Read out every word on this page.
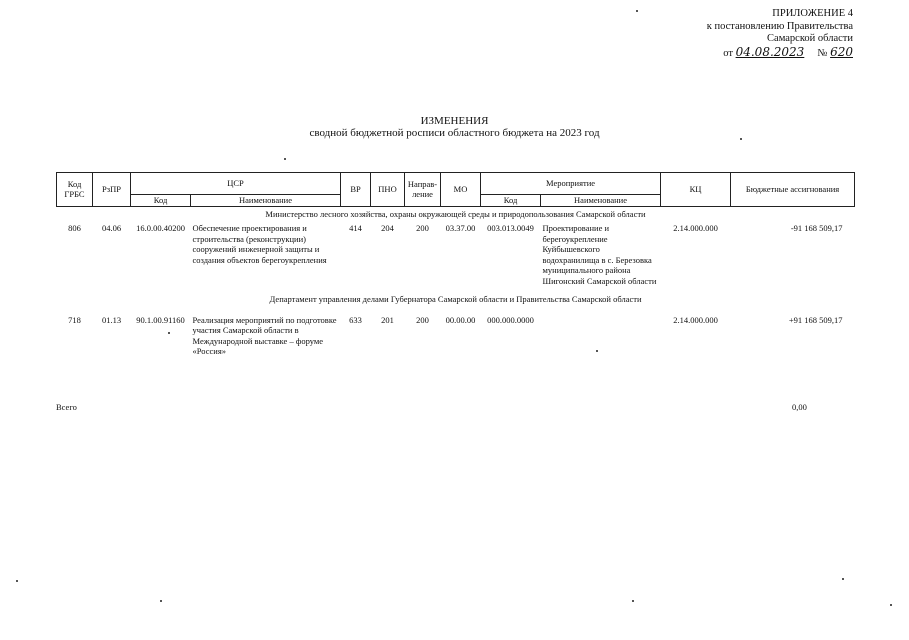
ПРИЛОЖЕНИЕ 4
к постановлению Правительства
Самарской области
от 04.08.2023 № 620
ИЗМЕНЕНИЯ
сводной бюджетной росписи областного бюджета на 2023 год
Код ГРБС	РзПР	ЦСР		ВР	ПНО	Направ-ление	МО	Мероприятие		КЦ	Бюджетные ассигнования
		Код	Наименование					Код	Наименование		
Министерство лесного хозяйства, охраны окружающей среды и природопользования Самарской области											
806	04.06	16.0.00.40200	Обеспечение проектирования и строительства (реконструкции) сооружений инженерной защиты и создания объектов берегоукрепления	414	204	200	03.37.00	003.013.0049	Проектирование и берегоукрепление Куйбышевского водохранилища в с. Березовка муниципального района Шигонский Самарской области	2.14.000.000	-91 168 509,17
Департамент управления делами Губернатора Самарской области и Правительства Самарской области											
718	01.13	90.1.00.91160	Реализация мероприятий по подготовке участия Самарской области в Международной выставке – форуме «Россия»	633	201	200	00.00.00	000.000.0000		2.14.000.000	+91 168 509,17
Всего	0,00
